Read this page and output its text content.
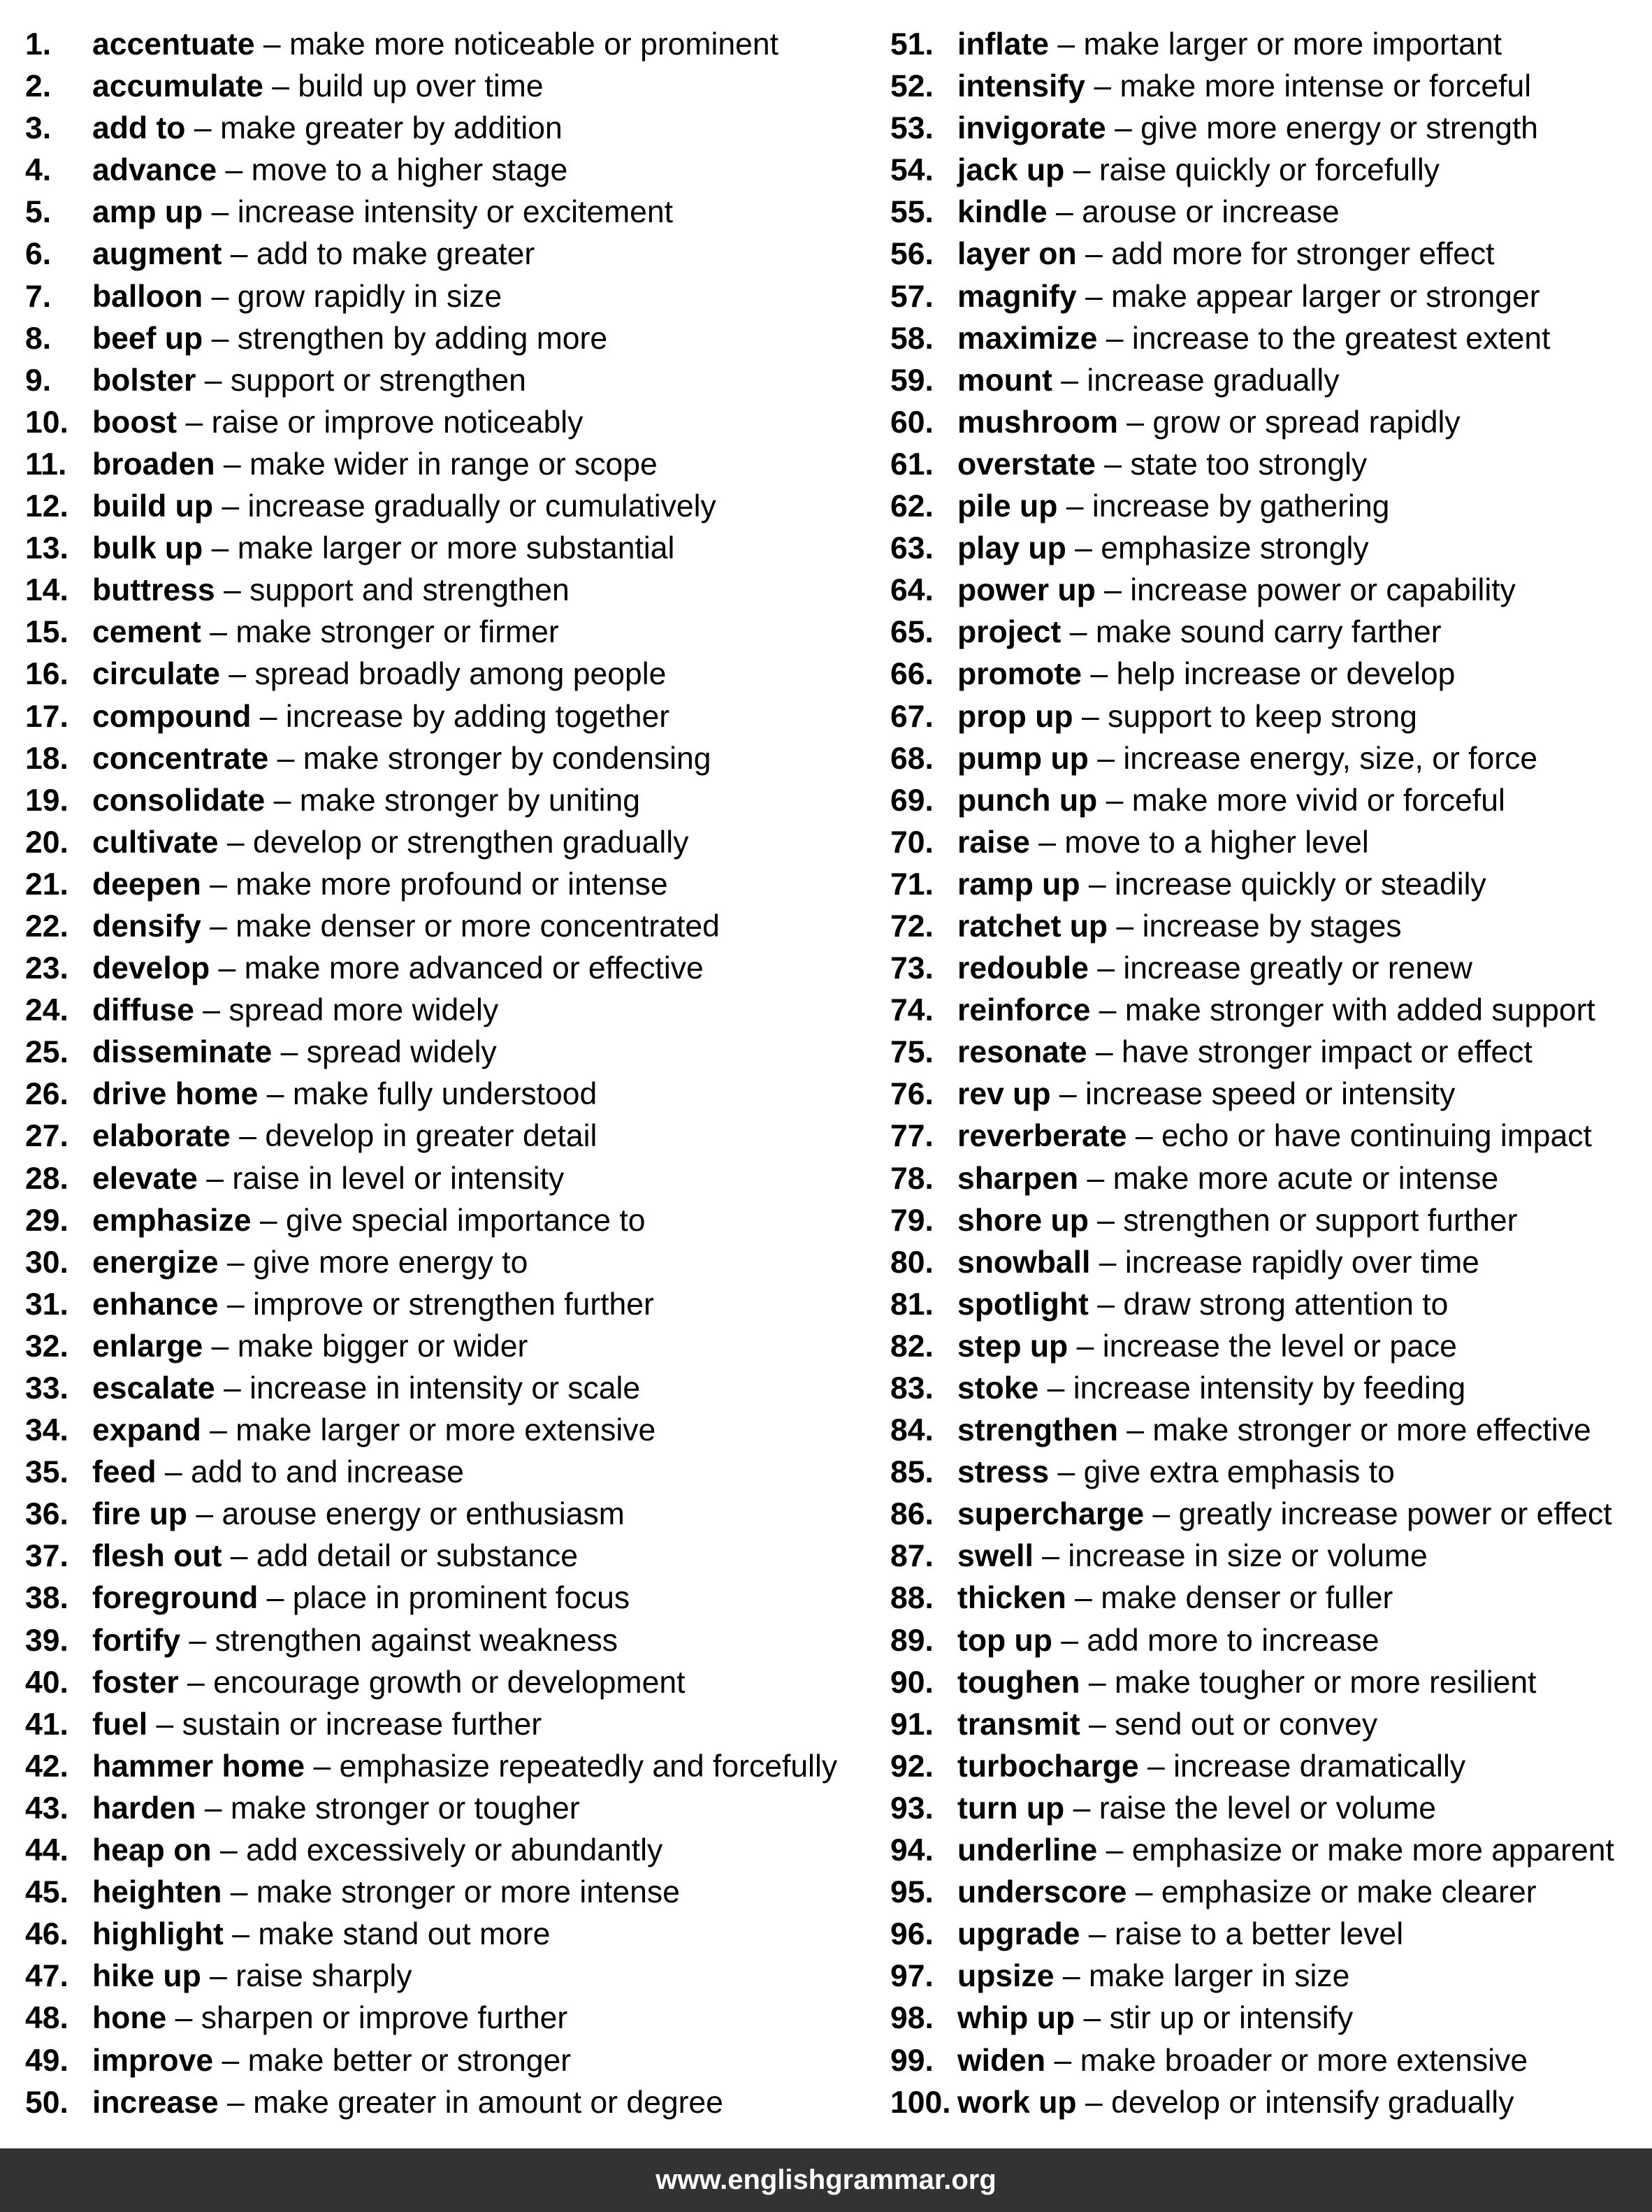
1.	accentuate – make more noticeable or prominent
2.	accumulate – build up over time
3.	add to – make greater by addition
4.	advance – move to a higher stage
5.	amp up – increase intensity or excitement
6.	augment – add to make greater
7.	balloon – grow rapidly in size
8.	beef up – strengthen by adding more
9.	bolster – support or strengthen
10. boost – raise or improve noticeably
11. broaden – make wider in range or scope
12. build up – increase gradually or cumulatively
13. bulk up – make larger or more substantial
14. buttress – support and strengthen
15. cement – make stronger or firmer
16. circulate – spread broadly among people
17. compound – increase by adding together
18. concentrate – make stronger by condensing
19. consolidate – make stronger by uniting
20. cultivate – develop or strengthen gradually
21. deepen – make more profound or intense
22. densify – make denser or more concentrated
23. develop – make more advanced or effective
24. diffuse – spread more widely
25. disseminate – spread widely
26. drive home – make fully understood
27. elaborate – develop in greater detail
28. elevate – raise in level or intensity
29. emphasize – give special importance to
30. energize – give more energy to
31. enhance – improve or strengthen further
32. enlarge – make bigger or wider
33. escalate – increase in intensity or scale
34. expand – make larger or more extensive
35. feed – add to and increase
36. fire up – arouse energy or enthusiasm
37. flesh out – add detail or substance
38. foreground – place in prominent focus
39. fortify – strengthen against weakness
40. foster – encourage growth or development
41. fuel – sustain or increase further
42. hammer home – emphasize repeatedly and forcefully
43. harden – make stronger or tougher
44. heap on – add excessively or abundantly
45. heighten – make stronger or more intense
46. highlight – make stand out more
47. hike up – raise sharply
48. hone – sharpen or improve further
49. improve – make better or stronger
50. increase – make greater in amount or degree
51. inflate – make larger or more important
52. intensify – make more intense or forceful
53. invigorate – give more energy or strength
54. jack up – raise quickly or forcefully
55. kindle – arouse or increase
56. layer on – add more for stronger effect
57. magnify – make appear larger or stronger
58. maximize – increase to the greatest extent
59. mount – increase gradually
60. mushroom – grow or spread rapidly
61. overstate – state too strongly
62. pile up – increase by gathering
63. play up – emphasize strongly
64. power up – increase power or capability
65. project – make sound carry farther
66. promote – help increase or develop
67. prop up – support to keep strong
68. pump up – increase energy, size, or force
69. punch up – make more vivid or forceful
70. raise – move to a higher level
71. ramp up – increase quickly or steadily
72. ratchet up – increase by stages
73. redouble – increase greatly or renew
74. reinforce – make stronger with added support
75. resonate – have stronger impact or effect
76. rev up – increase speed or intensity
77. reverberate – echo or have continuing impact
78. sharpen – make more acute or intense
79. shore up – strengthen or support further
80. snowball – increase rapidly over time
81. spotlight – draw strong attention to
82. step up – increase the level or pace
83. stoke – increase intensity by feeding
84. strengthen – make stronger or more effective
85. stress – give extra emphasis to
86. supercharge – greatly increase power or effect
87. swell – increase in size or volume
88. thicken – make denser or fuller
89. top up – add more to increase
90. toughen – make tougher or more resilient
91. transmit – send out or convey
92. turbocharge – increase dramatically
93. turn up – raise the level or volume
94. underline – emphasize or make more apparent
95. underscore – emphasize or make clearer
96. upgrade – raise to a better level
97. upsize – make larger in size
98. whip up – stir up or intensify
99. widen – make broader or more extensive
100. work up – develop or intensify gradually
www.englishgrammar.org
